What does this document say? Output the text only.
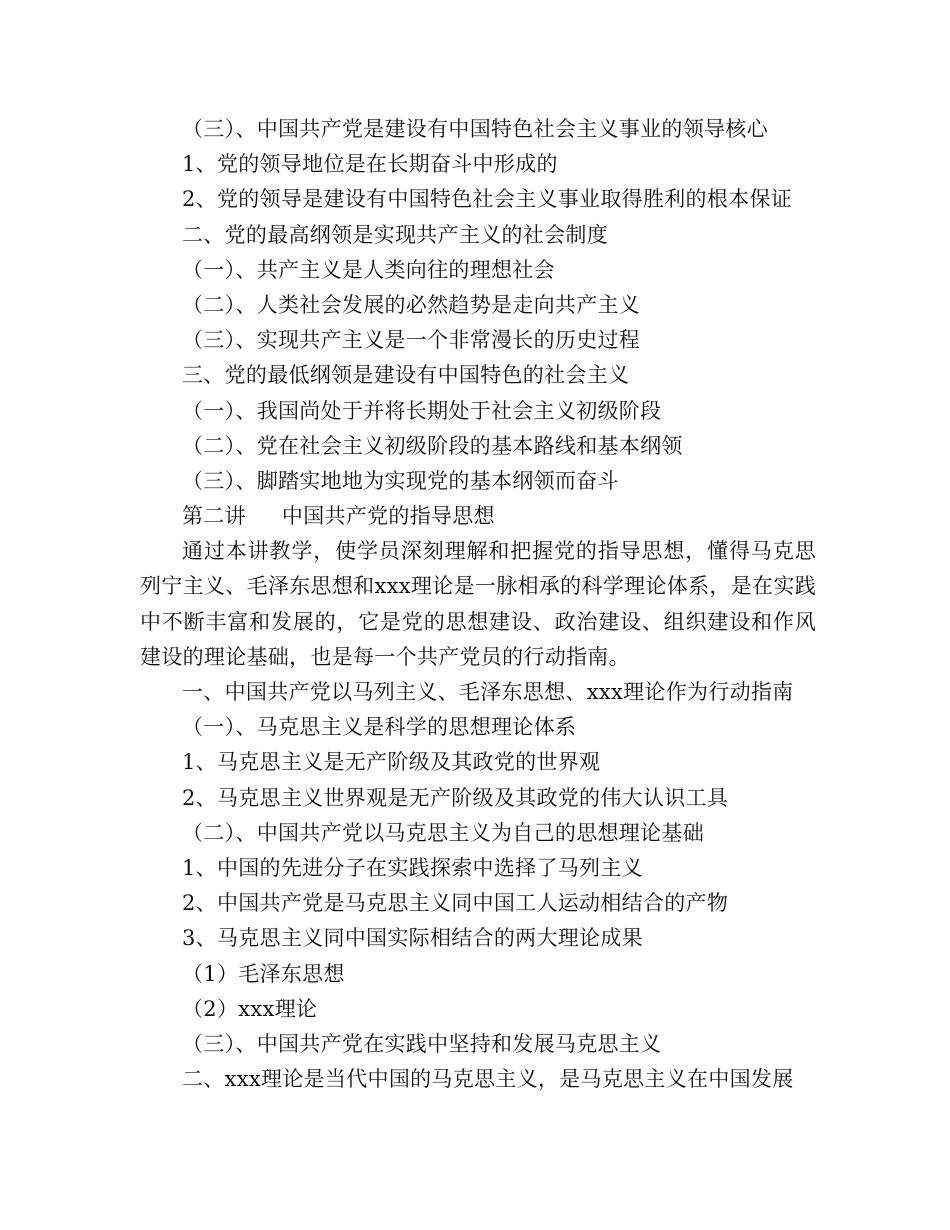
（三）、中国共产党是建设有中国特色社会主义事业的领导核心
1、党的领导地位是在长期奋斗中形成的
2、党的领导是建设有中国特色社会主义事业取得胜利的根本保证
二、党的最高纲领是实现共产主义的社会制度
（一）、共产主义是人类向往的理想社会
（二）、人类社会发展的必然趋势是走向共产主义
（三）、实现共产主义是一个非常漫长的历史过程
三、党的最低纲领是建设有中国特色的社会主义
（一）、我国尚处于并将长期处于社会主义初级阶段
（二）、党在社会主义初级阶段的基本路线和基本纲领
（三）、脚踏实地地为实现党的基本纲领而奋斗
第二讲 中国共产党的指导思想
通过本讲教学，使学员深刻理解和把握党的指导思想，懂得马克思列宁主义、毛泽东思想和xxx理论是一脉相承的科学理论体系，是在实践中不断丰富和发展的，它是党的思想建设、政治建设、组织建设和作风建设的理论基础，也是每一个共产党员的行动指南。
一、中国共产党以马列主义、毛泽东思想、xxx理论作为行动指南
（一）、马克思主义是科学的思想理论体系
1、马克思主义是无产阶级及其政党的世界观
2、马克思主义世界观是无产阶级及其政党的伟大认识工具
（二）、中国共产党以马克思主义为自己的思想理论基础
1、中国的先进分子在实践探索中选择了马列主义
2、中国共产党是马克思主义同中国工人运动相结合的产物
3、马克思主义同中国实际相结合的两大理论成果
（1）毛泽东思想
（2）xxx理论
（三）、中国共产党在实践中坚持和发展马克思主义
二、xxx理论是当代中国的马克思主义，是马克思主义在中国发展
